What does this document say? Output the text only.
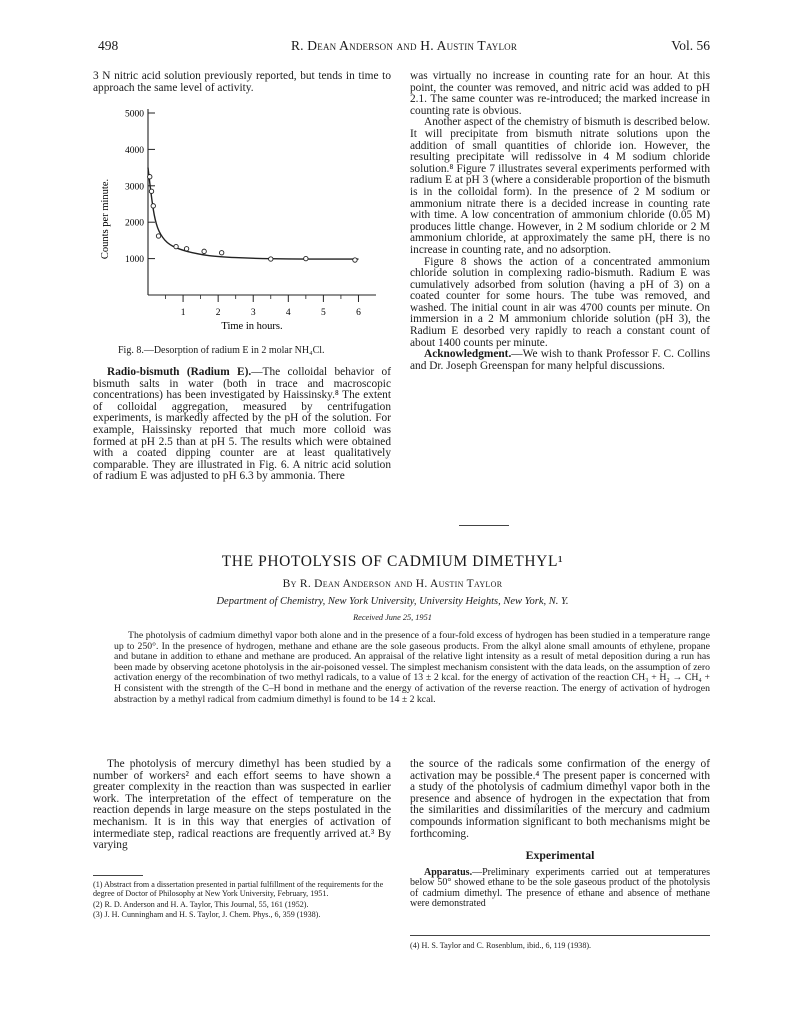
498	R. Dean Anderson and H. Austin Taylor	Vol. 56

3 N nitric acid solution previously reported, but tends in time to approach the same level of activity.

5000
4000
3000
2000
1000
1	2	3	4	5	6
Counts per minute.
Time in hours.
Fig. 8.—Desorption of radium E in 2 molar NH₄Cl.

Radio-bismuth (Radium E).—The colloidal behavior of bismuth salts in water (both in trace and macroscopic concentrations) has been investigated by Haissinsky.⁸ The extent of colloidal aggregation, measured by centrifugation experiments, is markedly affected by the pH of the solution. For example, Haissinsky reported that much more colloid was formed at pH 2.5 than at pH 5. The results which were obtained with a coated dipping counter are at least qualitatively comparable. They are illustrated in Fig. 6. A nitric acid solution of radium E was adjusted to pH 6.3 by ammonia. There

was virtually no increase in counting rate for an hour. At this point, the counter was removed, and nitric acid was added to pH 2.1. The same counter was re-introduced; the marked increase in counting rate is obvious.

Another aspect of the chemistry of bismuth is described below. It will precipitate from bismuth nitrate solutions upon the addition of small quantities of chloride ion. However, the resulting precipitate will redissolve in 4 M sodium chloride solution.⁸ Figure 7 illustrates several experiments performed with radium E at pH 3 (where a considerable proportion of the bismuth is in the colloidal form). In the presence of 2 M sodium or ammonium nitrate there is a decided increase in counting rate with time. A low concentration of ammonium chloride (0.05 M) produces little change. However, in 2 M sodium chloride or 2 M ammonium chloride, at approximately the same pH, there is no increase in counting rate, and no adsorption.

Figure 8 shows the action of a concentrated ammonium chloride solution in complexing radio-bismuth. Radium E was cumulatively adsorbed from solution (having a pH of 3) on a coated counter for some hours. The tube was removed, and washed. The initial count in air was 4700 counts per minute. On immersion in a 2 M ammonium chloride solution (pH 3), the Radium E desorbed very rapidly to reach a constant count of about 1400 counts per minute.

Acknowledgment.—We wish to thank Professor F. C. Collins and Dr. Joseph Greenspan for many helpful discussions.

THE PHOTOLYSIS OF CADMIUM DIMETHYL¹
By R. Dean Anderson and H. Austin Taylor
Department of Chemistry, New York University, University Heights, New York, N. Y.
Received June 25, 1951

The photolysis of cadmium dimethyl vapor both alone and in the presence of a four-fold excess of hydrogen has been studied in a temperature range up to 250°. In the presence of hydrogen, methane and ethane are the sole gaseous products. From the alkyl alone small amounts of ethylene, propane and butane in addition to ethane and methane are produced. An appraisal of the relative light intensity as a result of metal deposition during a run has been made by observing acetone photolysis in the air-poisoned vessel. The simplest mechanism consistent with the data leads, on the assumption of zero activation energy of the recombination of two methyl radicals, to a value of 13 ± 2 kcal. for the energy of activation of the reaction CH₃ + H₂ → CH₄ + H consistent with the strength of the C–H bond in methane and the energy of activation of the reverse reaction. The energy of activation of hydrogen abstraction by a methyl radical from cadmium dimethyl is found to be 14 ± 2 kcal.

The photolysis of mercury dimethyl has been studied by a number of workers² and each effort seems to have shown a greater complexity in the reaction than was suspected in earlier work. The interpretation of the effect of temperature on the reaction depends in large measure on the steps postulated in the mechanism. It is in this way that energies of activation of intermediate step, radical reactions are frequently arrived at.³ By varying

(1) Abstract from a dissertation presented in partial fulfillment of the requirements for the degree of Doctor of Philosophy at New York University, February, 1951.

(2) R. D. Anderson and H. A. Taylor, This Journal, 55, 161 (1952).

(3) J. H. Cunningham and H. S. Taylor, J. Chem. Phys., 6, 359 (1938).

the source of the radicals some confirmation of the energy of activation may be possible.⁴ The present paper is concerned with a study of the photolysis of cadmium dimethyl vapor both in the presence and absence of hydrogen in the expectation that from the similarities and dissimilarities of the mercury and cadmium compounds information significant to both mechanisms might be forthcoming.

Experimental

Apparatus.—Preliminary experiments carried out at temperatures below 50° showed ethane to be the sole gaseous product of the photolysis of cadmium dimethyl. The presence of ethane and absence of methane were demonstrated

(4) H. S. Taylor and C. Rosenblum, ibid., 6, 119 (1938).
